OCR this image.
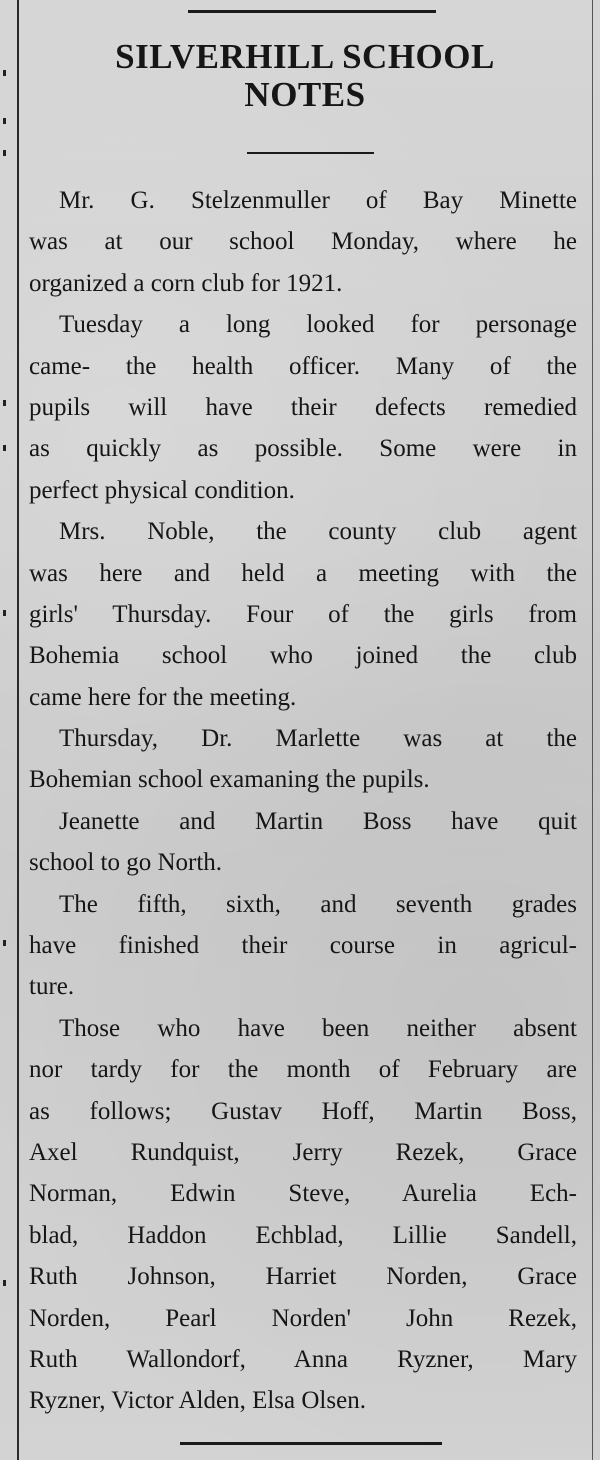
SILVERHILL SCHOOL
NOTES

Mr. G. Stelzenmuller of Bay Minette
was at our school Monday, where he
organized a corn club for 1921.

Tuesday a long looked for personage
came- the health officer. Many of the
pupils will have their defects remedied
as quickly as possible. Some were in
perfect physical condition.

Mrs. Noble, the county club agent
was here and held a meeting with the
girls' Thursday. Four of the girls from
Bohemia school who joined the club
came here for the meeting.

Thursday, Dr. Marlette was at the
Bohemian school examaning the pupils.

Jeanette and Martin Boss have quit
school to go North.

The fifth, sixth, and seventh grades
have finished their course in agricul-
ture.

Those who have been neither absent
nor tardy for the month of February are
as follows; Gustav Hoff, Martin Boss,
Axel Rundquist, Jerry Rezek, Grace
Norman, Edwin Steve, Aurelia Ech-
blad, Haddon Echblad, Lillie Sandell,
Ruth Johnson, Harriet Norden, Grace
Norden, Pearl Norden' John Rezek,
Ruth Wallondorf, Anna Ryzner, Mary
Ryzner, Victor Alden, Elsa Olsen.
